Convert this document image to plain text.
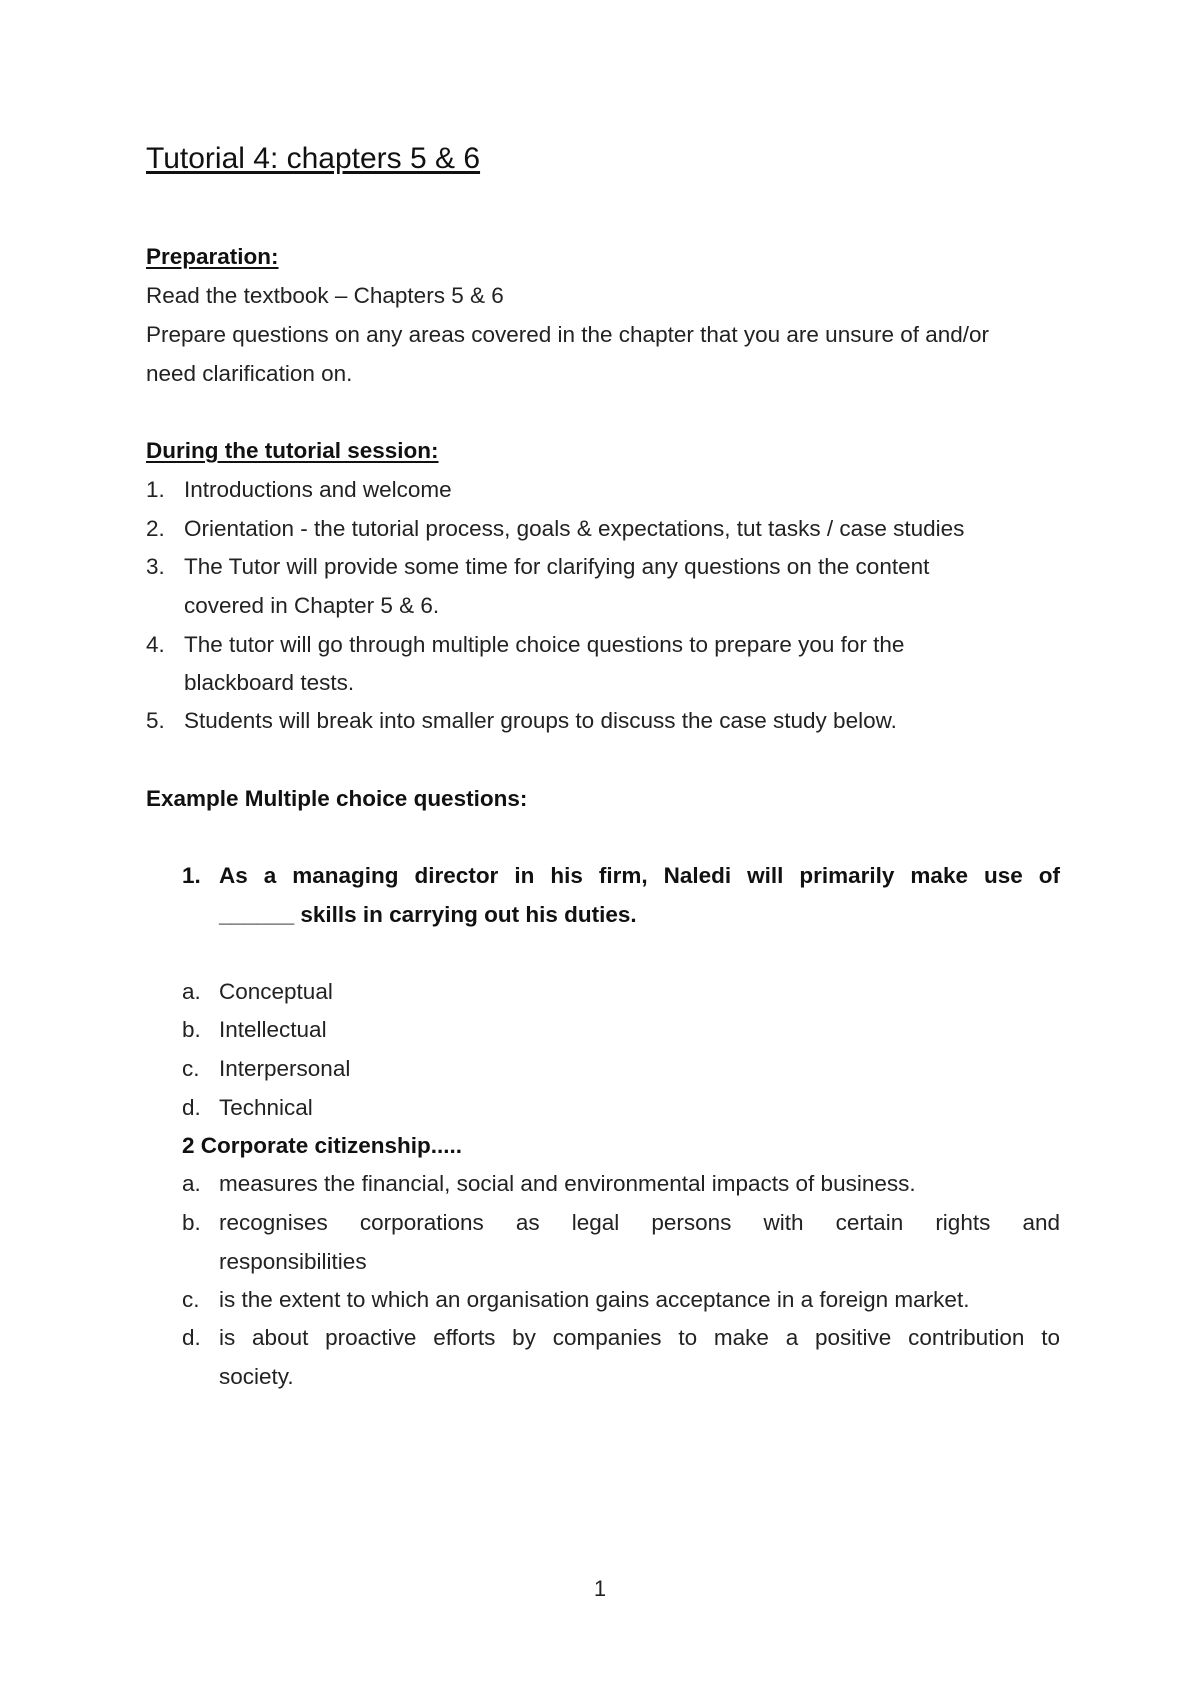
Tutorial 4: chapters 5 & 6
Preparation:
Read the textbook – Chapters 5 & 6
Prepare questions on any areas covered in the chapter that you are unsure of and/or
need clarification on.
During the tutorial session:
1. Introductions and welcome
2. Orientation - the tutorial process, goals & expectations, tut tasks / case studies
3. The Tutor will provide some time for clarifying any questions on the content
covered in Chapter 5 & 6.
4. The tutor will go through multiple choice questions to prepare you for the
blackboard tests.
5. Students will break into smaller groups to discuss the case study below.
Example Multiple choice questions:
1. As a managing director in his firm, Naledi will primarily make use of
______ skills in carrying out his duties.
a. Conceptual
b. Intellectual
c. Interpersonal
d. Technical
2 Corporate citizenship.....
a. measures the financial, social and environmental impacts of business.
b. recognises corporations as legal persons with certain rights and
responsibilities
c. is the extent to which an organisation gains acceptance in a foreign market.
d. is about proactive efforts by companies to make a positive contribution to
society.
1
